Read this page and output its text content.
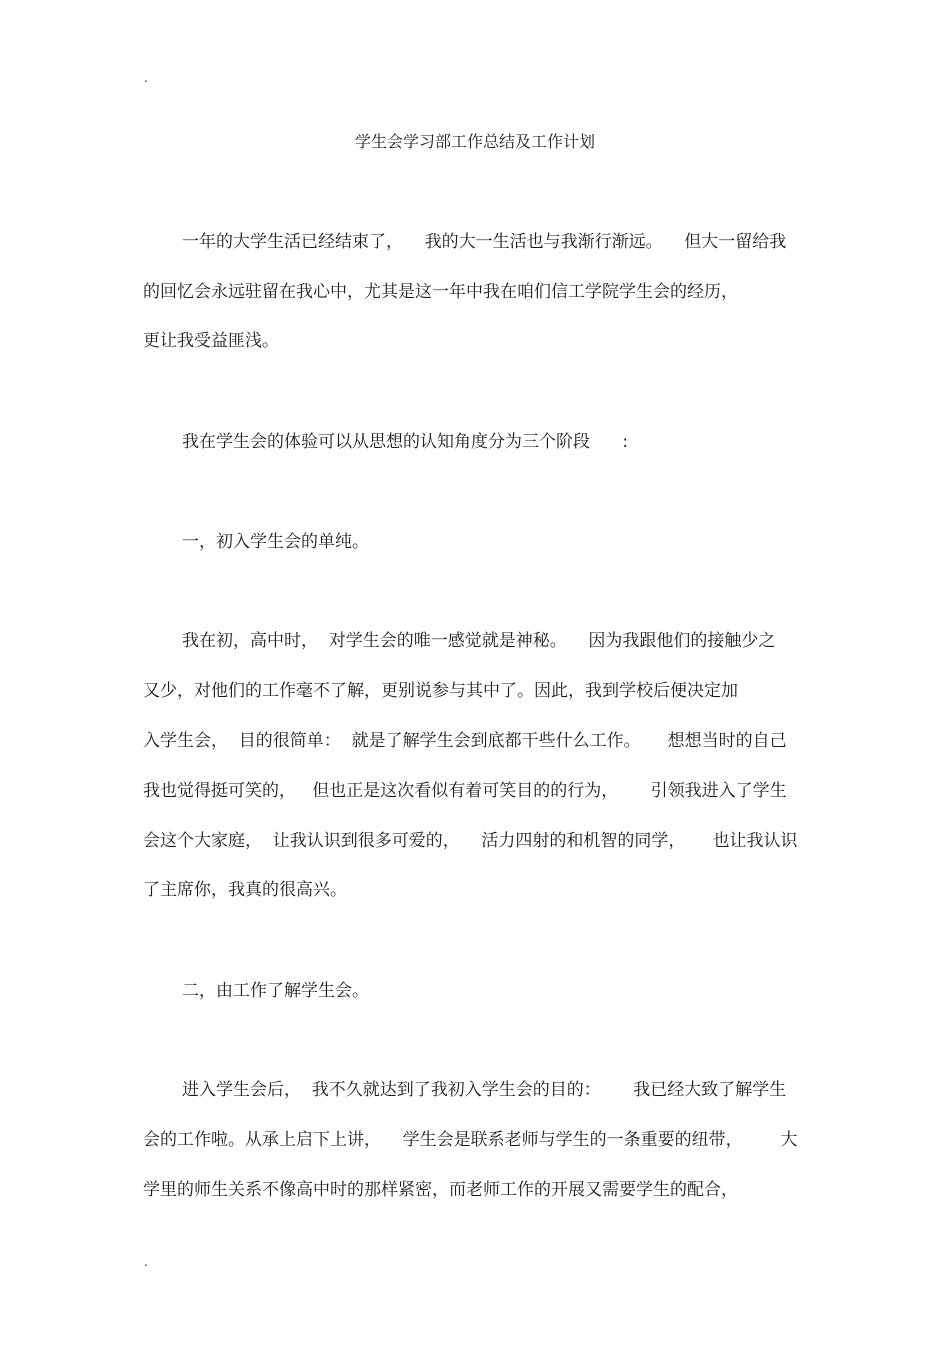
.
学生会学习部工作总结及工作计划
一年的大学生活已经结束了，    我的大一生活也与我渐行渐远。    但大一留给我
的回忆会永远驻留在我心中，尤其是这一年中我在咱们信工学院学生会的经历，
更让我受益匪浅。
我在学生会的体验可以从思想的认知角度分为三个阶段      :
一，初入学生会的单纯。
我在初，高中时，  对学生会的唯一感觉就是神秘。    因为我跟他们的接触少之
又少，对他们的工作毫不了解，更别说参与其中了。因此，我到学校后便决定加
入学生会，  目的很简单：  就是了解学生会到底都干些什么工作。     想想当时的自己
我也觉得挺可笑的，   但也正是这次看似有着可笑目的的行为，      引领我进入了学生
会这个大家庭，  让我认识到很多可爱的，    活力四射的和机智的同学，     也让我认识
了主席你，我真的很高兴。
二，由工作了解学生会。
进入学生会后，  我不久就达到了我初入学生会的目的：      我已经大致了解学生
会的工作啦。从承上启下上讲，    学生会是联系老师与学生的一条重要的纽带，       大
学里的师生关系不像高中时的那样紧密，而老师工作的开展又需要学生的配合，
.
